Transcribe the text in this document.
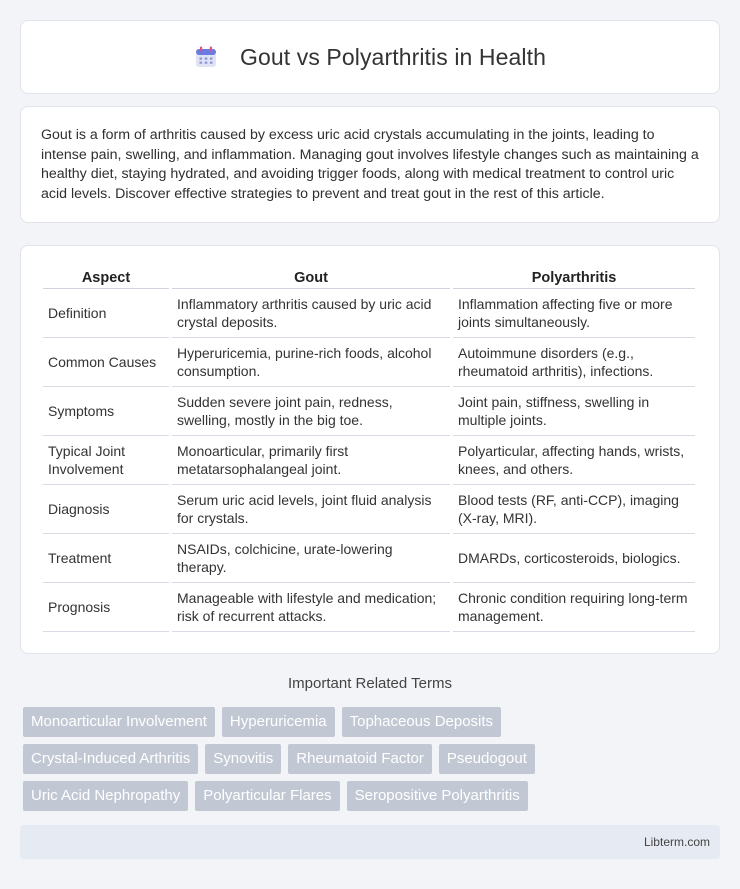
Gout vs Polyarthritis in Health

Gout is a form of arthritis caused by excess uric acid crystals accumulating in the joints, leading to intense pain, swelling, and inflammation. Managing gout involves lifestyle changes such as maintaining a healthy diet, staying hydrated, and avoiding trigger foods, along with medical treatment to control uric acid levels. Discover effective strategies to prevent and treat gout in the rest of this article.

Aspect	Gout	Polyarthritis
Definition	Inflammatory arthritis caused by uric acid crystal deposits.	Inflammation affecting five or more joints simultaneously.
Common Causes	Hyperuricemia, purine-rich foods, alcohol consumption.	Autoimmune disorders (e.g., rheumatoid arthritis), infections.
Symptoms	Sudden severe joint pain, redness, swelling, mostly in the big toe.	Joint pain, stiffness, swelling in multiple joints.
Typical Joint Involvement	Monoarticular, primarily first metatarsophalangeal joint.	Polyarticular, affecting hands, wrists, knees, and others.
Diagnosis	Serum uric acid levels, joint fluid analysis for crystals.	Blood tests (RF, anti-CCP), imaging (X-ray, MRI).
Treatment	NSAIDs, colchicine, urate-lowering therapy.	DMARDs, corticosteroids, biologics.
Prognosis	Manageable with lifestyle and medication; risk of recurrent attacks.	Chronic condition requiring long-term management.
Important Related Terms
Monoarticular Involvement	Hyperuricemia	Tophaceous Deposits
Crystal-Induced Arthritis	Synovitis	Rheumatoid Factor	Pseudogout
Uric Acid Nephropathy	Polyarticular Flares	Seropositive Polyarthritis
Libterm.com
